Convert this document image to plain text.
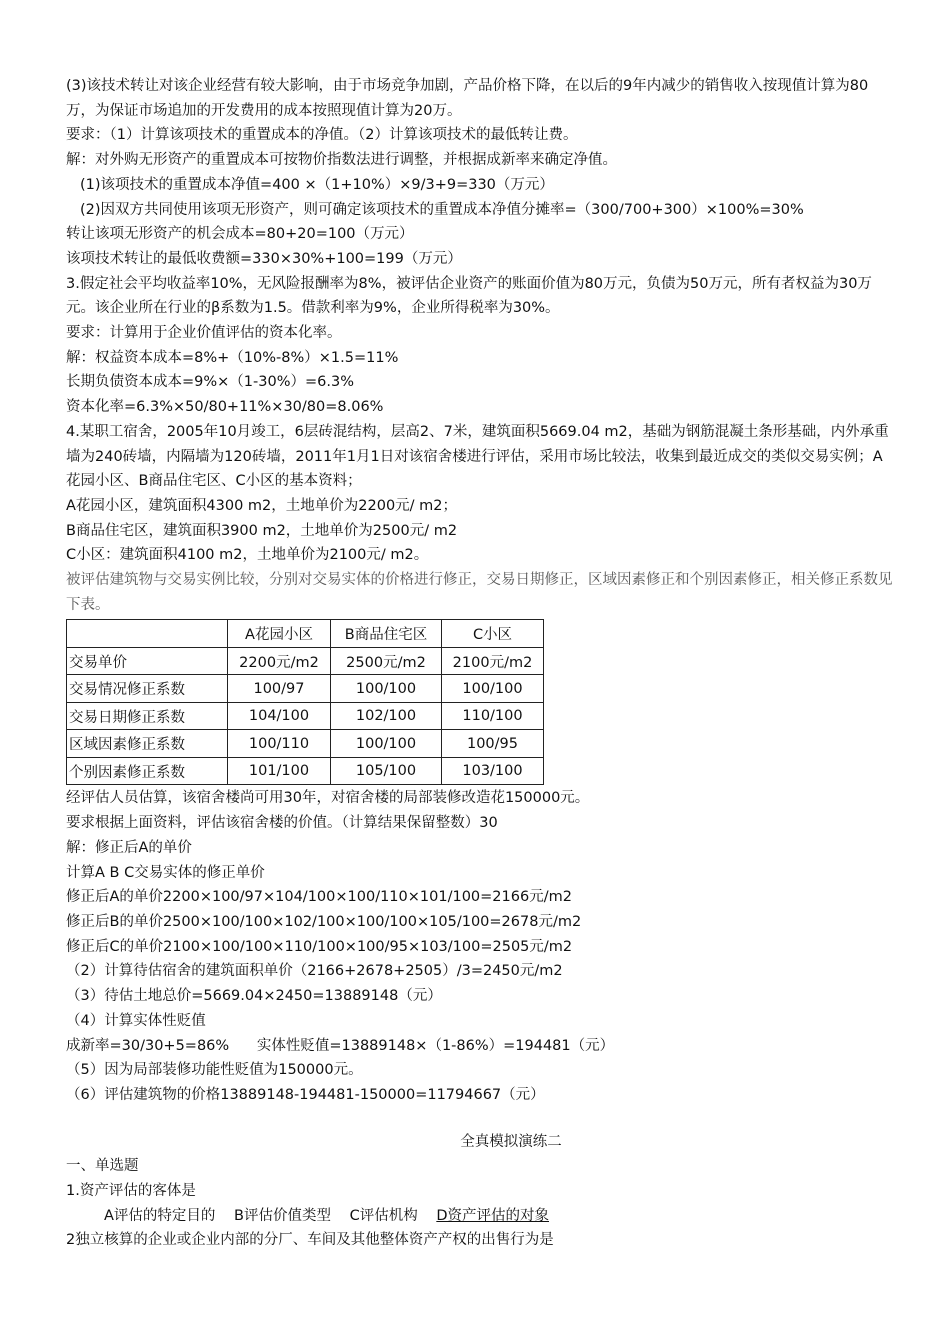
(3)该技术转让对该企业经营有较大影响，由于市场竞争加剧，产品价格下降，在以后的9年内减少的销售收入按现值计算为80万，为保证市场追加的开发费用的成本按照现值计算为20万。
要求：（1）计算该项技术的重置成本的净值。（2）计算该项技术的最低转让费。
解：对外购无形资产的重置成本可按物价指数法进行调整，并根据成新率来确定净值。
(1)该项技术的重置成本净值=400 ×（1+10%）×9/3+9=330（万元）
(2)因双方共同使用该项无形资产，则可确定该项技术的重置成本净值分摊率=（300/700+300）×100%=30%
转让该项无形资产的机会成本=80+20=100（万元）
该项技术转让的最低收费额=330×30%+100=199（万元）
3.假定社会平均收益率10%，无风险报酬率为8%，被评估企业资产的账面价值为80万元，负债为50万元，所有者权益为30万元。该企业所在行业的β系数为1.5。借款利率为9%，企业所得税率为30%。
要求：计算用于企业价值评估的资本化率。
解：权益资本成本=8%+（10%-8%）×1.5=11%
长期负债资本成本=9%×（1-30%）=6.3%
资本化率=6.3%×50/80+11%×30/80=8.06%
4.某职工宿舍，2005年10月竣工，6层砖混结构，层高2、7米，建筑面积5669.04 m2，基础为钢筋混凝土条形基础，内外承重墙为240砖墙，内隔墙为120砖墙，2011年1月1日对该宿舍楼进行评估，采用市场比较法，收集到最近成交的类似交易实例；A花园小区、B商品住宅区、C小区的基本资料；
A花园小区，建筑面积4300 m2，土地单价为2200元/ m2；
B商品住宅区，建筑面积3900 m2，土地单价为2500元/ m2
C小区：建筑面积4100 m2，土地单价为2100元/ m2。
被评估建筑物与交易实例比较，分别对交易实体的价格进行修正，交易日期修正，区域因素修正和个别因素修正，相关修正系数见下表。
	A花园小区	B商品住宅区	C小区
交易单价	2200元/m2	2500元/m2	2100元/m2
交易情况修正系数	100/97	100/100	100/100
交易日期修正系数	104/100	102/100	110/100
区域因素修正系数	100/110	100/100	100/95
个别因素修正系数	101/100	105/100	103/100
经评估人员估算，该宿舍楼尚可用30年，对宿舍楼的局部装修改造花150000元。
要求根据上面资料，评估该宿舍楼的价值。（计算结果保留整数）30
解：修正后A的单价
计算A B C交易实体的修正单价
修正后A的单价2200×100/97×104/100×100/110×101/100=2166元/m2
修正后B的单价2500×100/100×102/100×100/100×105/100=2678元/m2
修正后C的单价2100×100/100×110/100×100/95×103/100=2505元/m2
（2）计算待估宿舍的建筑面积单价（2166+2678+2505）/3=2450元/m2
（3）待估土地总价=5669.04×2450=13889148（元）
（4）计算实体性贬值
成新率=30/30+5=86%      实体性贬值=13889148×（1-86%）=194481（元）
（5）因为局部装修功能性贬值为150000元。
（6）评估建筑物的价格13889148-194481-150000=11794667（元）
全真模拟演练二
一、单选题
1.资产评估的客体是
A评估的特定目的 B评估价值类型 C评估机构 D资产评估的对象
2独立核算的企业或企业内部的分厂、车间及其他整体资产产权的出售行为是
